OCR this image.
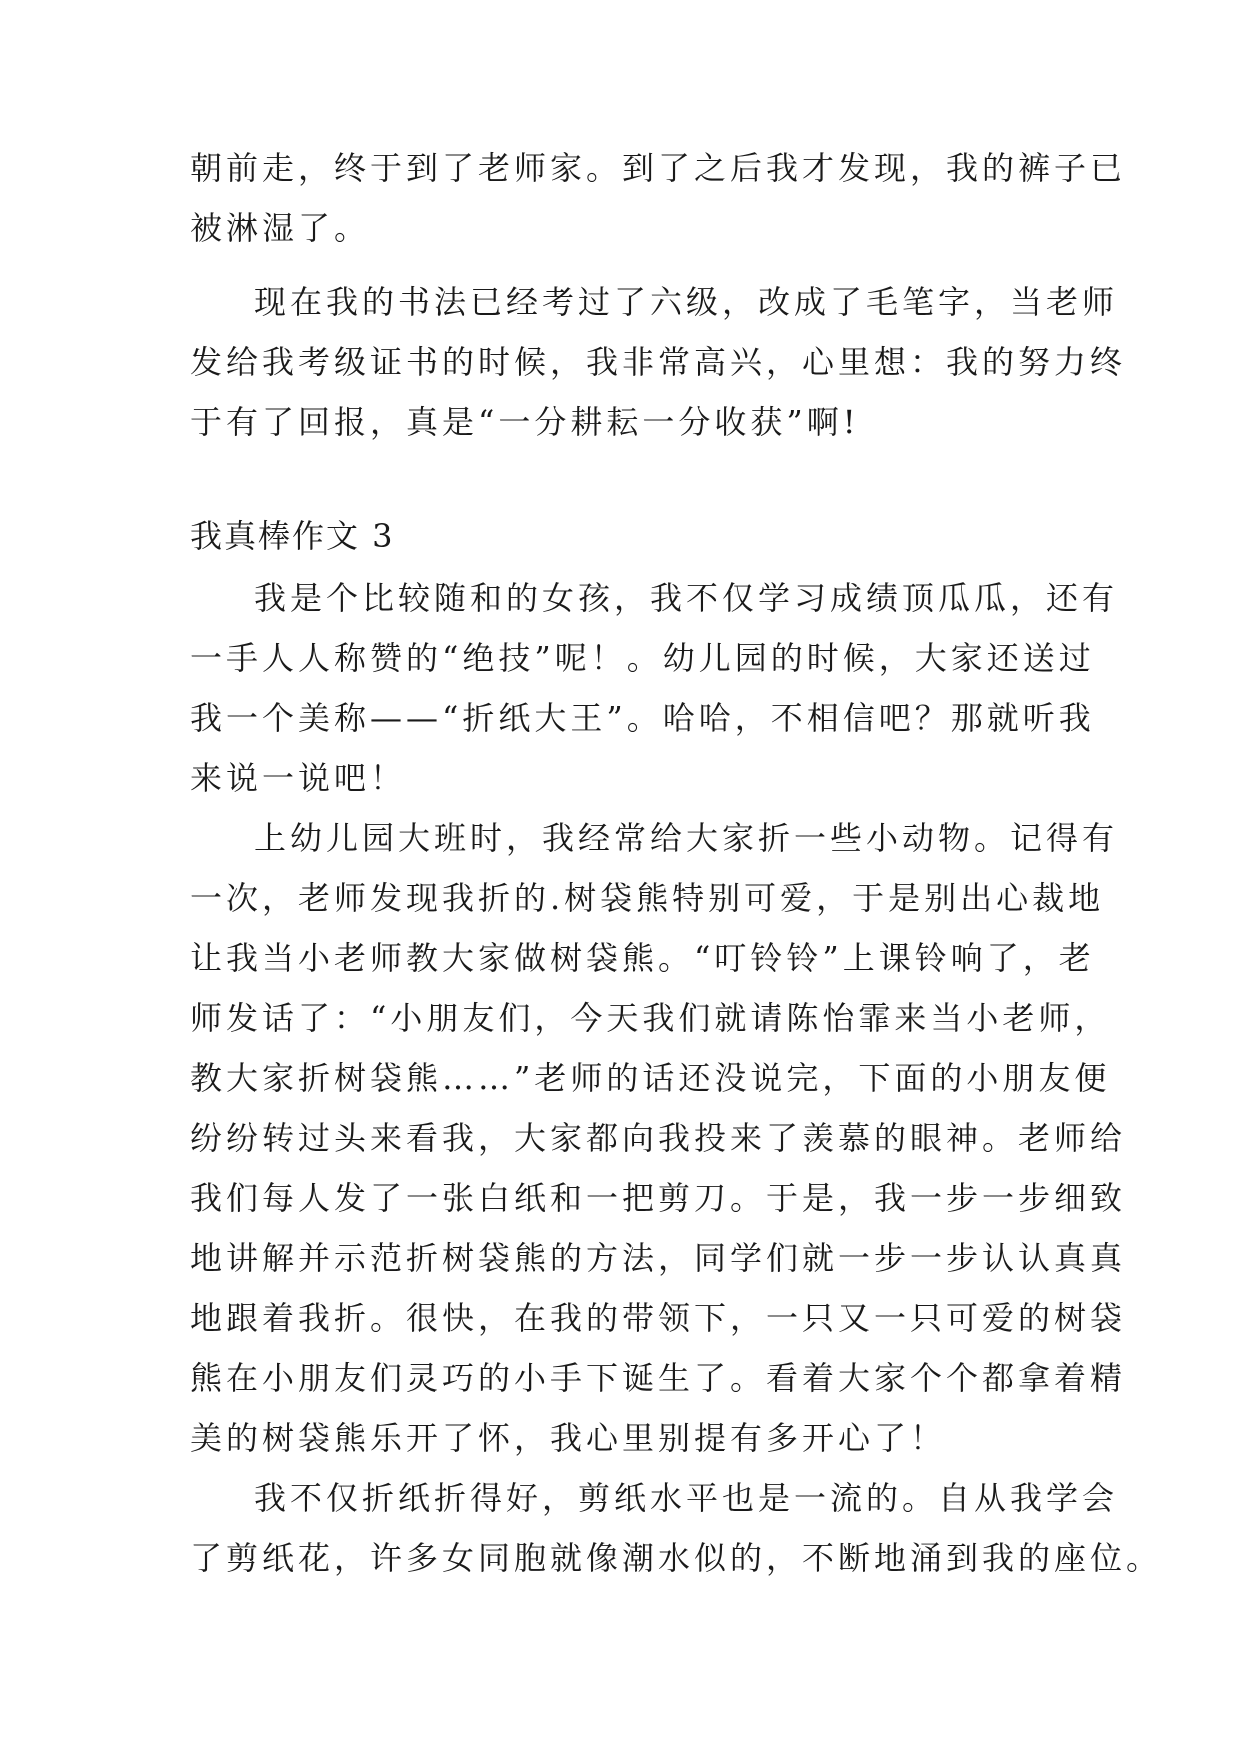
朝前走，终于到了老师家。到了之后我才发现，我的裤子已
被淋湿了。
现在我的书法已经考过了六级，改成了毛笔字，当老师
发给我考级证书的时候，我非常高兴，心里想：我的努力终
于有了回报，真是“一分耕耘一分收获”啊!
我真棒作文 3
我是个比较随和的女孩，我不仅学习成绩顶瓜瓜，还有
一手人人称赞的“绝技”呢！。幼儿园的时候，大家还送过
我一个美称——“折纸大王”。哈哈，不相信吧？那就听我
来说一说吧！
上幼儿园大班时，我经常给大家折一些小动物。记得有
一次，老师发现我折的.树袋熊特别可爱，于是别出心裁地
让我当小老师教大家做树袋熊。“叮铃铃”上课铃响了，老
师发话了：“小朋友们，今天我们就请陈怡霏来当小老师，
教大家折树袋熊……”老师的话还没说完，下面的小朋友便
纷纷转过头来看我，大家都向我投来了羡慕的眼神。老师给
我们每人发了一张白纸和一把剪刀。于是，我一步一步细致
地讲解并示范折树袋熊的方法，同学们就一步一步认认真真
地跟着我折。很快，在我的带领下，一只又一只可爱的树袋
熊在小朋友们灵巧的小手下诞生了。看着大家个个都拿着精
美的树袋熊乐开了怀，我心里别提有多开心了！
我不仅折纸折得好，剪纸水平也是一流的。自从我学会
了剪纸花，许多女同胞就像潮水似的，不断地涌到我的座位。
